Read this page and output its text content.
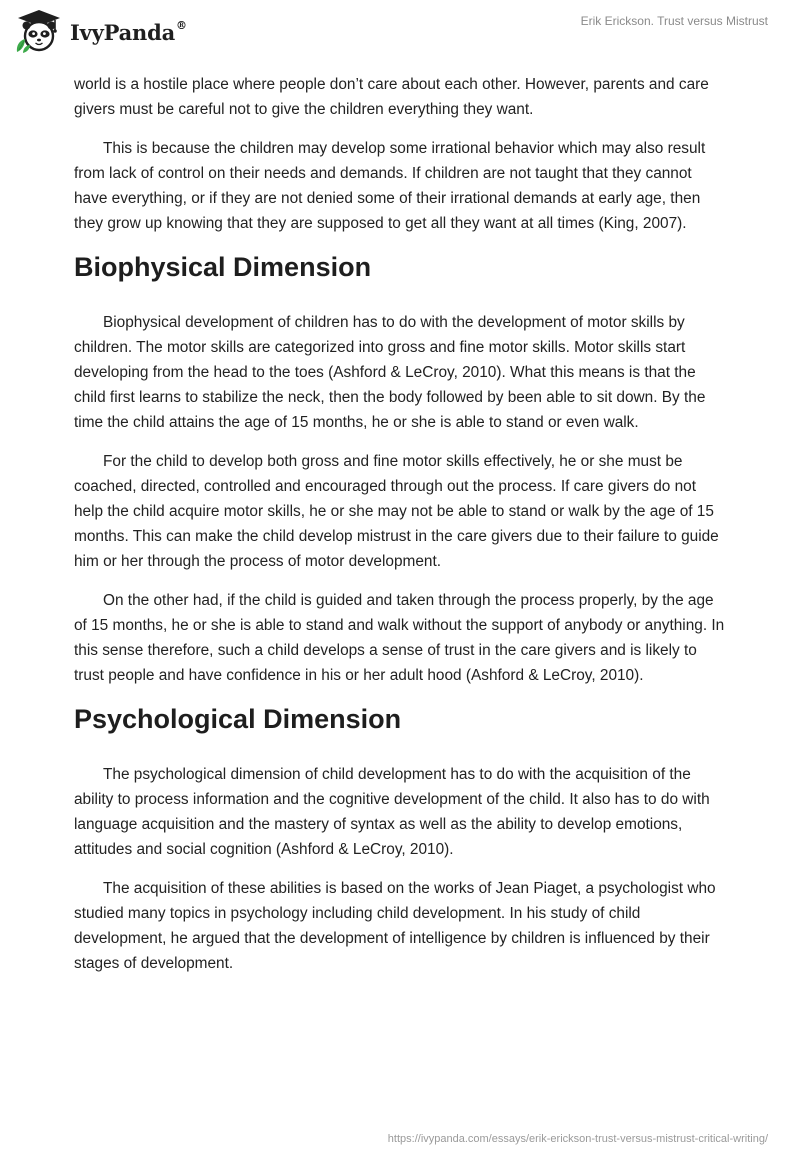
IvyPanda®	Erik Erickson. Trust versus Mistrust

world is a hostile place where people don’t care about each other. However, parents and care givers must be careful not to give the children everything they want.

This is because the children may develop some irrational behavior which may also result from lack of control on their needs and demands. If children are not taught that they cannot have everything, or if they are not denied some of their irrational demands at early age, then they grow up knowing that they are supposed to get all they want at all times (King, 2007).

Biophysical Dimension

Biophysical development of children has to do with the development of motor skills by children. The motor skills are categorized into gross and fine motor skills. Motor skills start developing from the head to the toes (Ashford & LeCroy, 2010). What this means is that the child first learns to stabilize the neck, then the body followed by been able to sit down. By the time the child attains the age of 15 months, he or she is able to stand or even walk.

For the child to develop both gross and fine motor skills effectively, he or she must be coached, directed, controlled and encouraged through out the process. If care givers do not help the child acquire motor skills, he or she may not be able to stand or walk by the age of 15 months. This can make the child develop mistrust in the care givers due to their failure to guide him or her through the process of motor development.

On the other had, if the child is guided and taken through the process properly, by the age of 15 months, he or she is able to stand and walk without the support of anybody or anything. In this sense therefore, such a child develops a sense of trust in the care givers and is likely to trust people and have confidence in his or her adult hood (Ashford & LeCroy, 2010).

Psychological Dimension

The psychological dimension of child development has to do with the acquisition of the ability to process information and the cognitive development of the child. It also has to do with language acquisition and the mastery of syntax as well as the ability to develop emotions, attitudes and social cognition (Ashford & LeCroy, 2010).

The acquisition of these abilities is based on the works of Jean Piaget, a psychologist who studied many topics in psychology including child development. In his study of child development, he argued that the development of intelligence by children is influenced by their stages of development.

https://ivypanda.com/essays/erik-erickson-trust-versus-mistrust-critical-writing/
